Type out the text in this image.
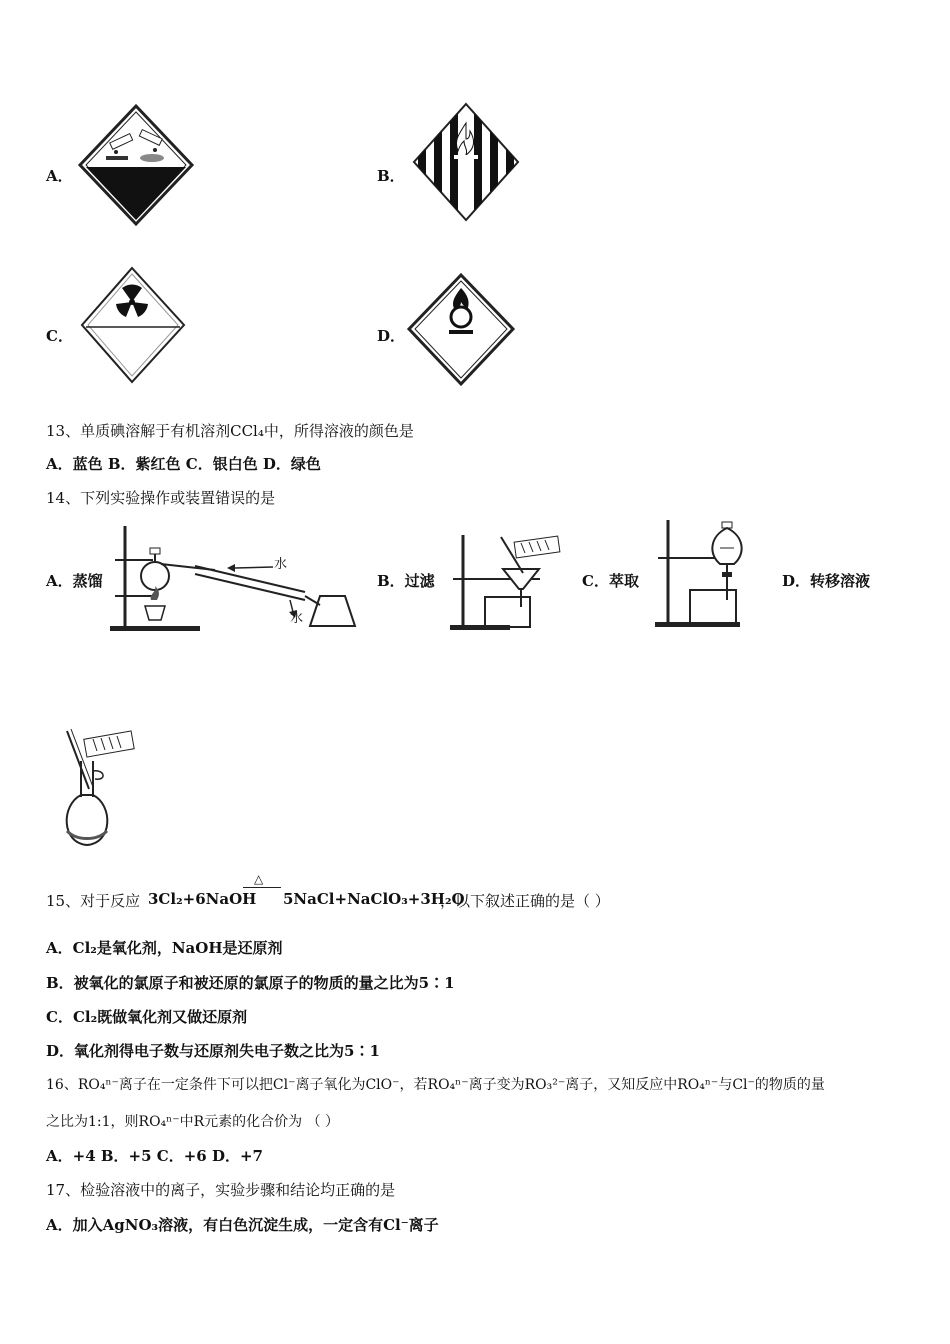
A．	B．
C．	D．
13、单质碘溶解于有机溶剂CCl₄中，所得溶液的颜色是
A．蓝色 B．紫红色 C．银白色 D．绿色
14、下列实验操作或装置错误的是
A．蒸馏
水
水
B．过滤	C．萃取	D．转移溶液
15、对于反应 3Cl₂+6NaOH
△
5NaCl+NaClO₃+3H₂O
，以下叙述正确的是（ ）
A．Cl₂是氧化剂，NaOH是还原剂
B．被氧化的氯原子和被还原的氯原子的物质的量之比为5∶1
C．Cl₂既做氧化剂又做还原剂
D．氧化剂得电子数与还原剂失电子数之比为5∶1
16、RO₄ⁿ⁻离子在一定条件下可以把Cl⁻离子氧化为ClO⁻，若RO₄ⁿ⁻离子变为RO₃²⁻离子，又知反应中RO₄ⁿ⁻与Cl⁻的物质的量
之比为1:1，则RO₄ⁿ⁻中R元素的化合价为 （ ）
A．+4 B．+5 C．+6 D．+7
17、检验溶液中的离子，实验步骤和结论均正确的是
A．加入AgNO₃溶液，有白色沉淀生成，一定含有Cl⁻离子
